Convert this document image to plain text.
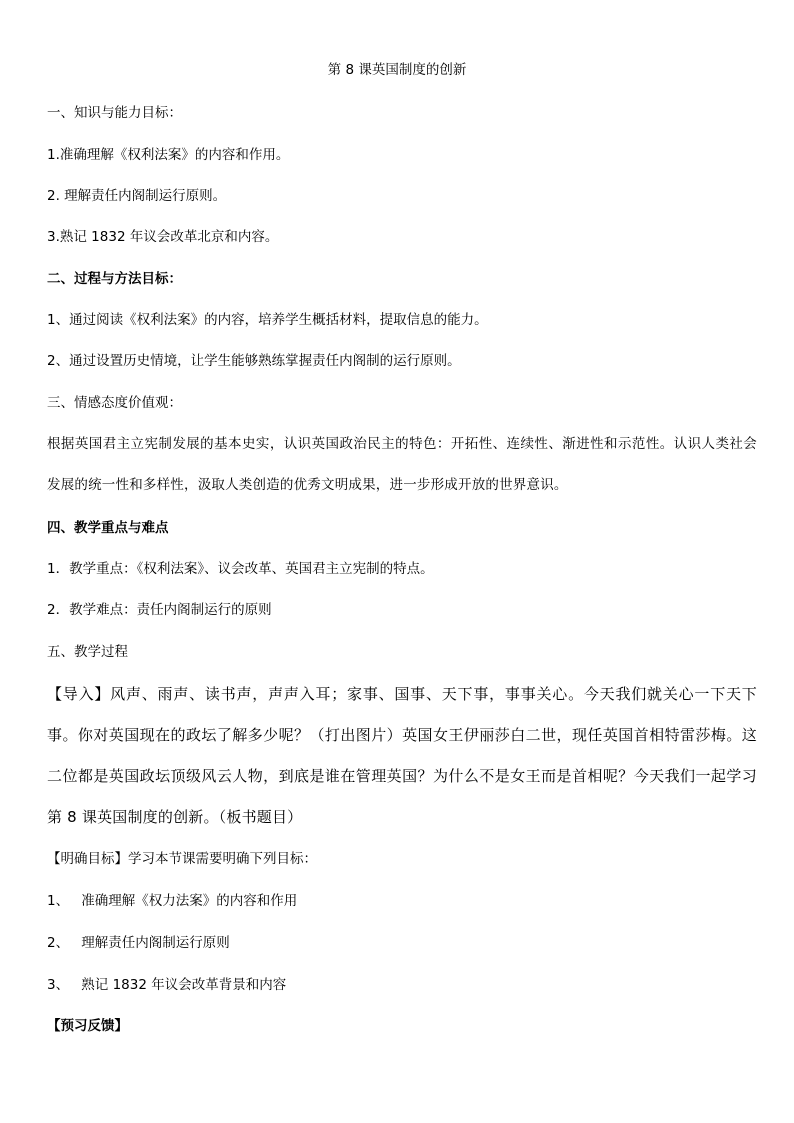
第 8 课英国制度的创新
一、知识与能力目标：
1.准确理解《权利法案》的内容和作用。
2. 理解责任内阁制运行原则。
3.熟记 1832 年议会改革北京和内容。
二、过程与方法目标：
1、通过阅读《权利法案》的内容，培养学生概括材料，提取信息的能力。
2、通过设置历史情境，让学生能够熟练掌握责任内阁制的运行原则。
三、情感态度价值观：
根据英国君主立宪制发展的基本史实，认识英国政治民主的特色：开拓性、连续性、渐进性和示范性。认识人类社会发展的统一性和多样性，汲取人类创造的优秀文明成果，进一步形成开放的世界意识。
四、教学重点与难点
1．教学重点：《权利法案》、议会改革、英国君主立宪制的特点。
2．教学难点：责任内阁制运行的原则
五、教学过程
【导入】风声、雨声、读书声，声声入耳；家事、国事、天下事，事事关心。今天我们就关心一下天下事。你对英国现在的政坛了解多少呢？（打出图片）英国女王伊丽莎白二世，现任英国首相特雷莎梅。这二位都是英国政坛顶级风云人物，到底是谁在管理英国？为什么不是女王而是首相呢？今天我们一起学习第 8 课英国制度的创新。（板书题目）
【明确目标】学习本节课需要明确下列目标：
1、 准确理解《权力法案》的内容和作用
2、 理解责任内阁制运行原则
3、 熟记 1832 年议会改革背景和内容
【预习反馈】
